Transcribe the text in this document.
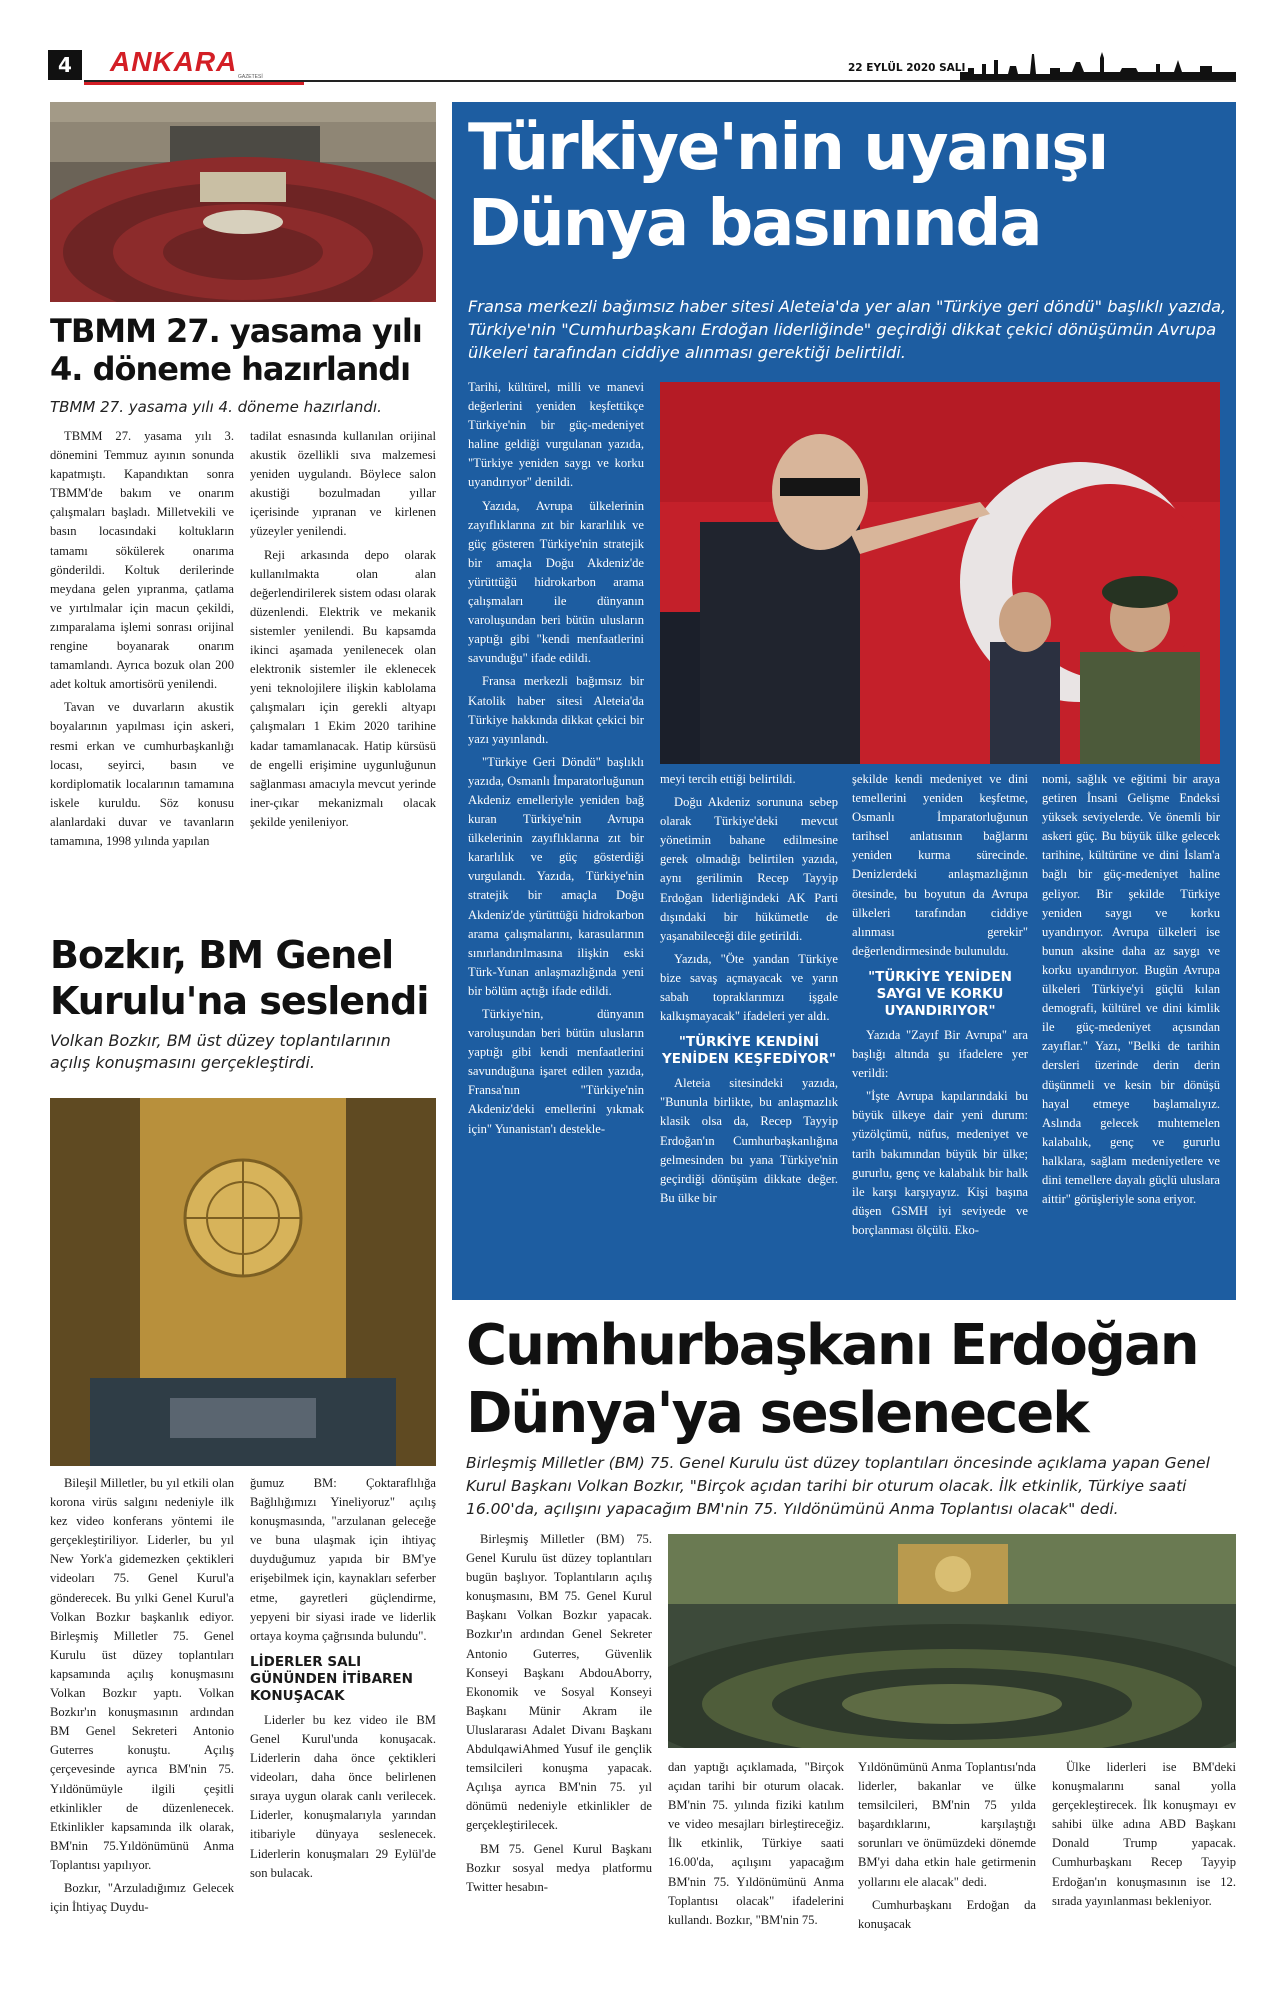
4	ANKARA GAZETESİ
22 EYLÜL 2020 SALI
TBMM 27. yasama yılı
4. döneme hazırlandı
TBMM 27. yasama yılı 4. döneme hazırlandı.

TBMM 27. yasama yılı 3. dönemini Temmuz ayının sonunda kapatmıştı. Kapandıktan sonra TBMM'de bakım ve onarım çalışmaları başladı. Milletvekili ve basın locasındaki koltukların tamamı sökülerek onarıma gönderildi. Koltuk derilerinde meydana gelen yıpranma, çatlama ve yırtılmalar için macun çekildi, zımparalama işlemi sonrası orijinal rengine boyanarak onarım tamamlandı. Ayrıca bozuk olan 200 adet koltuk amortisörü yenilendi.

Tavan ve duvarların akustik boyalarının yapılması için askeri, resmi erkan ve cumhurbaşkanlığı locası, seyirci, basın ve kordiplomatik localarının tamamına iskele kuruldu. Söz konusu alanlardaki duvar ve tavanların tamamına, 1998 yılında yapılan

tadilat esnasında kullanılan orijinal akustik özellikli sıva malzemesi yeniden uygulandı. Böylece salon akustiği bozulmadan yıllar içerisinde yıpranan ve kirlenen yüzeyler yenilendi.

Reji arkasında depo olarak kullanılmakta olan alan değerlendirilerek sistem odası olarak düzenlendi. Elektrik ve mekanik sistemler yenilendi. Bu kapsamda ikinci aşamada yenilenecek olan elektronik sistemler ile eklenecek yeni teknolojilere ilişkin kablolama çalışmaları için gerekli altyapı çalışmaları 1 Ekim 2020 tarihine kadar tamamlanacak. Hatip kürsüsü de engelli erişimine uygunluğunun sağlanması amacıyla mevcut yerinde iner-çıkar mekanizmalı olacak şekilde yenileniyor.

Bozkır, BM Genel
Kurulu'na seslendi
Volkan Bozkır, BM üst düzey toplantılarının açılış konuşmasını gerçekleştirdi.

Bileşil Milletler, bu yıl etkili olan korona virüs salgını nedeniyle ilk kez video konferans yöntemi ile gerçekleştiriliyor. Liderler, bu yıl New York'a gidemezken çektikleri videoları 75. Genel Kurul'a gönderecek. Bu yılki Genel Kurul'a Volkan Bozkır başkanlık ediyor. Birleşmiş Milletler 75. Genel Kurulu üst düzey toplantıları kapsamında açılış konuşmasını Volkan Bozkır yaptı. Volkan Bozkır'ın konuşmasının ardından BM Genel Sekreteri Antonio Guterres konuştu. Açılış çerçevesinde ayrıca BM'nin 75. Yıldönümüyle ilgili çeşitli etkinlikler de düzenlenecek. Etkinlikler kapsamında ilk olarak, BM'nin 75.Yıldönümünü Anma Toplantısı yapılıyor.

Bozkır, "Arzuladığımız Gelecek için İhtiyaç Duydu-

ğumuz BM: Çoktaraflılığa Bağlılığımızı Yineliyoruz" açılış konuşmasında, "arzulanan geleceğe ve buna ulaşmak için ihtiyaç duyduğumuz yapıda bir BM'ye erişebilmek için, kaynakları seferber etme, gayretleri güçlendirme, yepyeni bir siyasi irade ve liderlik ortaya koyma çağrısında bulundu".

LİDERLER SALI GÜNÜNDEN İTİBAREN KONUŞACAK

Liderler bu kez video ile BM Genel Kurul'unda konuşacak. Liderlerin daha önce çektikleri videoları, daha önce belirlenen sıraya uygun olarak canlı verilecek. Liderler, konuşmalarıyla yarından itibariyle dünyaya seslenecek. Liderlerin konuşmaları 29 Eylül'de son bulacak.

Türkiye'nin uyanışı
Dünya basınında
Fransa merkezli bağımsız haber sitesi Aleteia'da yer alan "Türkiye geri döndü" başlıklı yazıda, Türkiye'nin "Cumhurbaşkanı Erdoğan liderliğinde" geçirdiği dikkat çekici dönüşümün Avrupa ülkeleri tarafından ciddiye alınması gerektiği belirtildi.

Tarihi, kültürel, milli ve manevi değerlerini yeniden keşfettikçe Türkiye'nin bir güç-medeniyet haline geldiği vurgulanan yazıda, "Türkiye yeniden saygı ve korku uyandırıyor" denildi.

Yazıda, Avrupa ülkelerinin zayıflıklarına zıt bir kararlılık ve güç gösteren Türkiye'nin stratejik bir amaçla Doğu Akdeniz'de yürüttüğü hidrokarbon arama çalışmaları ile dünyanın varoluşundan beri bütün ulusların yaptığı gibi "kendi menfaatlerini savunduğu" ifade edildi.

Fransa merkezli bağımsız bir Katolik haber sitesi Aleteia'da Türkiye hakkında dikkat çekici bir yazı yayınlandı.

"Türkiye Geri Döndü" başlıklı yazıda, Osmanlı İmparatorluğunun Akdeniz emelleriyle yeniden bağ kuran Türkiye'nin Avrupa ülkelerinin zayıflıklarına zıt bir kararlılık ve güç gösterdiği vurgulandı. Yazıda, Türkiye'nin stratejik bir amaçla Doğu Akdeniz'de yürüttüğü hidrokarbon arama çalışmalarını, karasularının sınırlandırılmasına ilişkin eski Türk-Yunan anlaşmazlığında yeni bir bölüm açtığı ifade edildi.

Türkiye'nin, dünyanın varoluşundan beri bütün ulusların yaptığı gibi kendi menfaatlerini savunduğuna işaret edilen yazıda, Fransa'nın "Türkiye'nin Akdeniz'deki emellerini yıkmak için" Yunanistan'ı destekle-

meyi tercih ettiği belirtildi.

Doğu Akdeniz sorununa sebep olarak Türkiye'deki mevcut yönetimin bahane edilmesine gerek olmadığı belirtilen yazıda, aynı gerilimin Recep Tayyip Erdoğan liderliğindeki AK Parti dışındaki bir hükümetle de yaşanabileceği dile getirildi.

Yazıda, "Öte yandan Türkiye bize savaş açmayacak ve yarın sabah topraklarımızı işgale kalkışmayacak" ifadeleri yer aldı.

"TÜRKİYE KENDİNİ YENİDEN KEŞFEDİYOR"

Aleteia sitesindeki yazıda, "Bununla birlikte, bu anlaşmazlık klasik olsa da, Recep Tayyip Erdoğan'ın Cumhurbaşkanlığına gelmesinden bu yana Türkiye'nin geçirdiği dönüşüm dikkate değer. Bu ülke bir

şekilde kendi medeniyet ve dini temellerini yeniden keşfetme, Osmanlı İmparatorluğunun tarihsel anlatısının bağlarını yeniden kurma sürecinde. Denizlerdeki anlaşmazlığının ötesinde, bu boyutun da Avrupa ülkeleri tarafından ciddiye alınması gerekir" değerlendirmesinde bulunuldu.

"TÜRKİYE YENİDEN SAYGI VE KORKU UYANDIRIYOR"

Yazıda "Zayıf Bir Avrupa" ara başlığı altında şu ifadelere yer verildi:

"İşte Avrupa kapılarındaki bu büyük ülkeye dair yeni durum: yüzölçümü, nüfus, medeniyet ve tarih bakımından büyük bir ülke; gururlu, genç ve kalabalık bir halk ile karşı karşıyayız. Kişi başına düşen GSMH iyi seviyede ve borçlanması ölçülü. Eko-

nomi, sağlık ve eğitimi bir araya getiren İnsani Gelişme Endeksi yüksek seviyelerde. Ve önemli bir askeri güç. Bu büyük ülke gelecek tarihine, kültürüne ve dini İslam'a bağlı bir güç-medeniyet haline geliyor. Bir şekilde Türkiye yeniden saygı ve korku uyandırıyor. Avrupa ülkeleri ise bunun aksine daha az saygı ve korku uyandırıyor. Bugün Avrupa ülkeleri Türkiye'yi güçlü kılan demografi, kültürel ve dini kimlik ile güç-medeniyet açısından zayıflar." Yazı, "Belki de tarihin dersleri üzerinde derin derin düşünmeli ve kesin bir dönüşü hayal etmeye başlamalıyız. Aslında gelecek muhtemelen kalabalık, genç ve gururlu halklara, sağlam medeniyetlere ve dini temellere dayalı güçlü uluslara aittir" görüşleriyle sona eriyor.

Cumhurbaşkanı Erdoğan
Dünya'ya seslenecek
Birleşmiş Milletler (BM) 75. Genel Kurulu üst düzey toplantıları öncesinde açıklama yapan Genel Kurul Başkanı Volkan Bozkır, "Birçok açıdan tarihi bir oturum olacak. İlk etkinlik, Türkiye saati 16.00'da, açılışını yapacağım BM'nin 75. Yıldönümünü Anma Toplantısı olacak" dedi.

Birleşmiş Milletler (BM) 75. Genel Kurulu üst düzey toplantıları bugün başlıyor. Toplantıların açılış konuşmasını, BM 75. Genel Kurul Başkanı Volkan Bozkır yapacak. Bozkır'ın ardından Genel Sekreter Antonio Guterres, Güvenlik Konseyi Başkanı AbdouAborry, Ekonomik ve Sosyal Konseyi Başkanı Münir Akram ile Uluslararası Adalet Divanı Başkanı AbdulqawiAhmed Yusuf ile gençlik temsilcileri konuşma yapacak. Açılışa ayrıca BM'nin 75. yıl dönümü nedeniyle etkinlikler de gerçekleştirilecek.

BM 75. Genel Kurul Başkanı Bozkır sosyal medya platformu Twitter hesabın-

dan yaptığı açıklamada, "Birçok açıdan tarihi bir oturum olacak. BM'nin 75. yılında fiziki katılım ve video mesajları birleştireceğiz. İlk etkinlik, Türkiye saati 16.00'da, açılışını yapacağım BM'nin 75. Yıldönümünü Anma Toplantısı olacak" ifadelerini kullandı. Bozkır, "BM'nin 75.

Yıldönümünü Anma Toplantısı'nda liderler, bakanlar ve ülke temsilcileri, BM'nin 75 yılda başardıklarını, karşılaştığı sorunları ve önümüzdeki dönemde BM'yi daha etkin hale getirmenin yollarını ele alacak" dedi.

Cumhurbaşkanı Erdoğan da konuşacak

Ülke liderleri ise BM'deki konuşmalarını sanal yolla gerçekleştirecek. İlk konuşmayı ev sahibi ülke adına ABD Başkanı Donald Trump yapacak. Cumhurbaşkanı Recep Tayyip Erdoğan'ın konuşmasının ise 12. sırada yayınlanması bekleniyor.
